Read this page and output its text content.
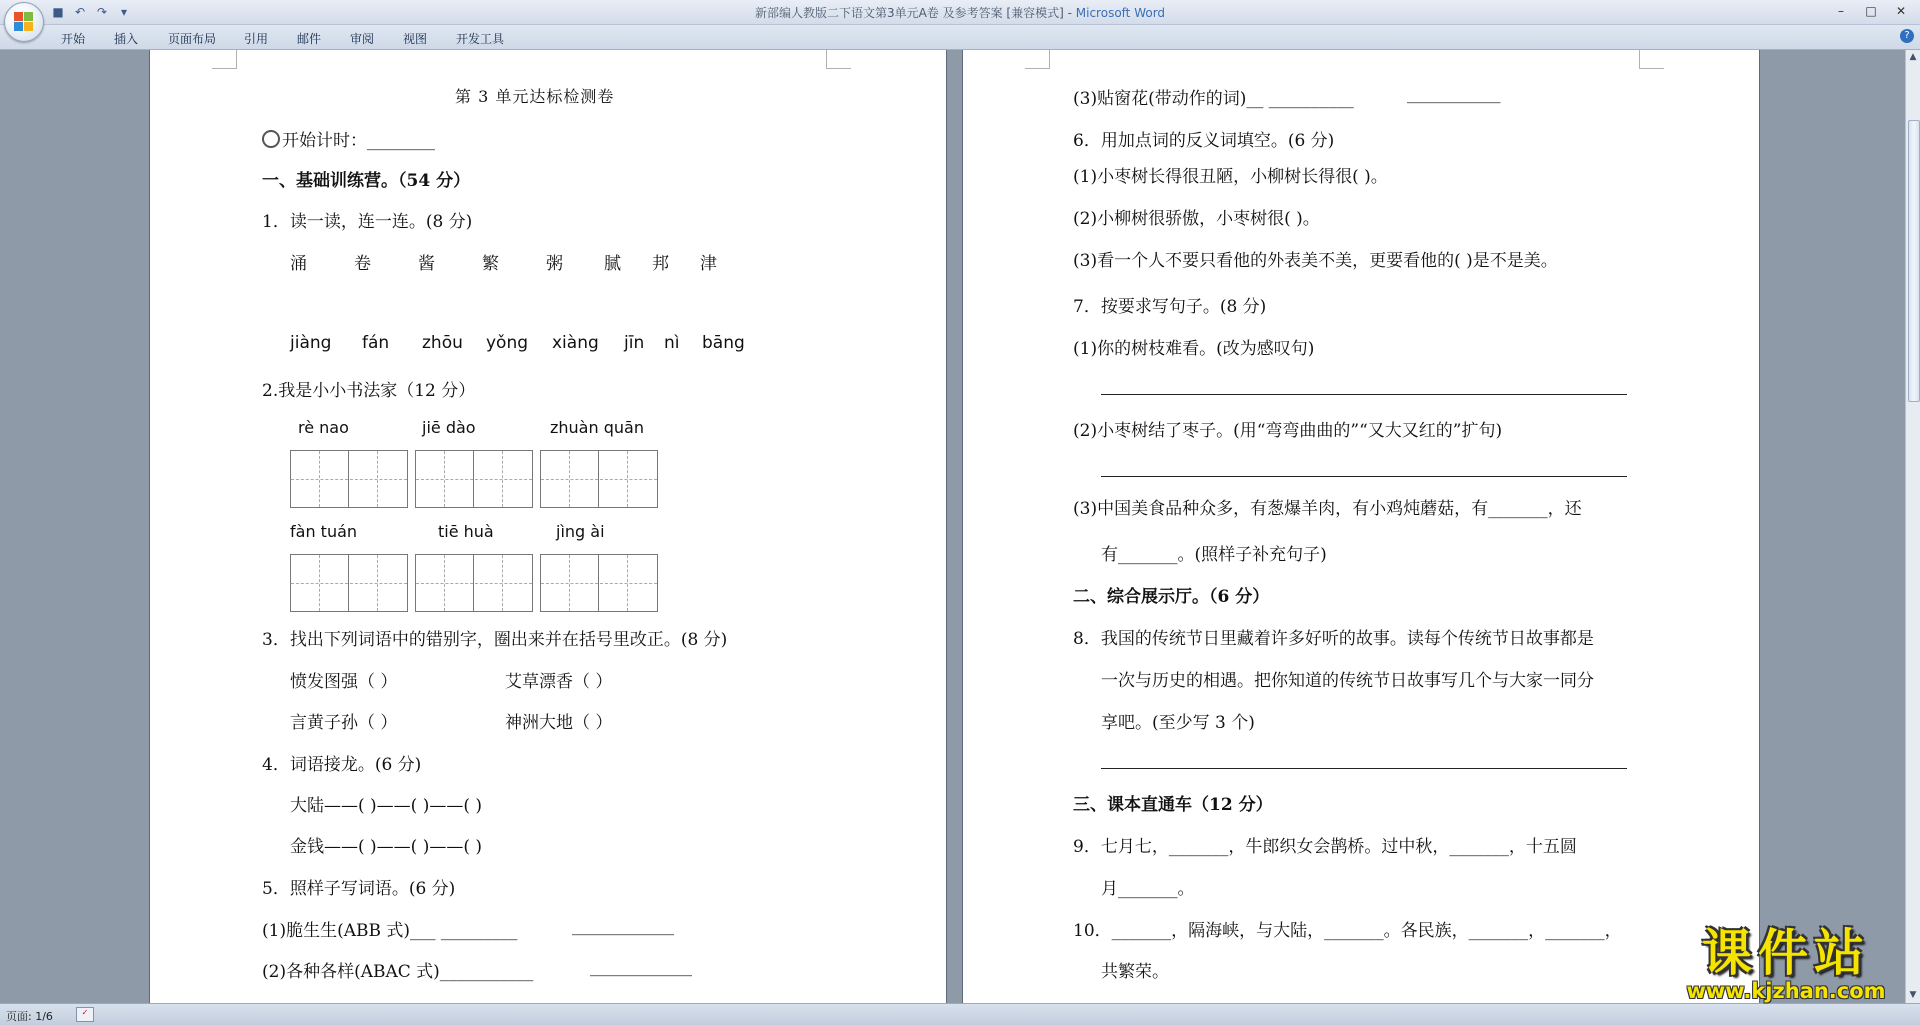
■ ↶ ↷	▾	新部编人教版二下语文第3单元A卷 及参考答案 [兼容模式] - Microsoft Word	–	□	✕
开始 插入 页面布局 引用 邮件 审阅 视图 开发工具	?
第 3 单元达标检测卷
开始计时：________
一、基础训练营。（54 分）
1．读一读，连一连。(8 分)
涌	卷	酱	繁	粥 腻 邦 津
jiàng fán zhōu yǒng xiàng jīn nì bāng
2.我是小小书法家（12 分）
rè nao	jiē dào	zhuàn quān
fàn tuán	tiē huà	jìng ài
3．找出下列词语中的错别字，圈出来并在括号里改正。(8 分)
愤发图强（ ）	艾草漂香（ ）
言黄子孙（ ）	神洲大地（ ）
4．词语接龙。(6 分)
大陆——( )——( )——( )
金钱——( )——( )——( )
5．照样子写词语。(6 分)
(1)脆生生(ABB 式)___ _________	____________
(2)各种各样(ABAC 式)___________	____________
(3)贴窗花(带动作的词)__ __________	___________
6．用加点词的反义词填空。(6 分)
(1)小枣树长得很丑陋，小柳树长得很( )。
(2)小柳树很骄傲，小枣树很( )。
(3)看一个人不要只看他的外表美不美，更要看他的( )是不是美。
7．按要求写句子。(8 分)
(1)你的树枝难看。(改为感叹句)
(2)小枣树结了枣子。(用“弯弯曲曲的”“又大又红的”扩句)
(3)中国美食品种众多，有葱爆羊肉，有小鸡炖蘑菇，有_______，还
有_______。(照样子补充句子)
二、综合展示厅。（6 分）
8．我国的传统节日里藏着许多好听的故事。读每个传统节日故事都是
一次与历史的相遇。把你知道的传统节日故事写几个与大家一同分
享吧。(至少写 3 个)
三、课本直通车（12 分）
9．七月七，_______，牛郎织女会鹊桥。过中秋，_______，十五圆
月_______。
10．_______，隔海峡，与大陆，_______。各民族，_______，_______，
共繁荣。
▲
▼
页面: 1/6	✓
课件站
www.kjzhan.com
